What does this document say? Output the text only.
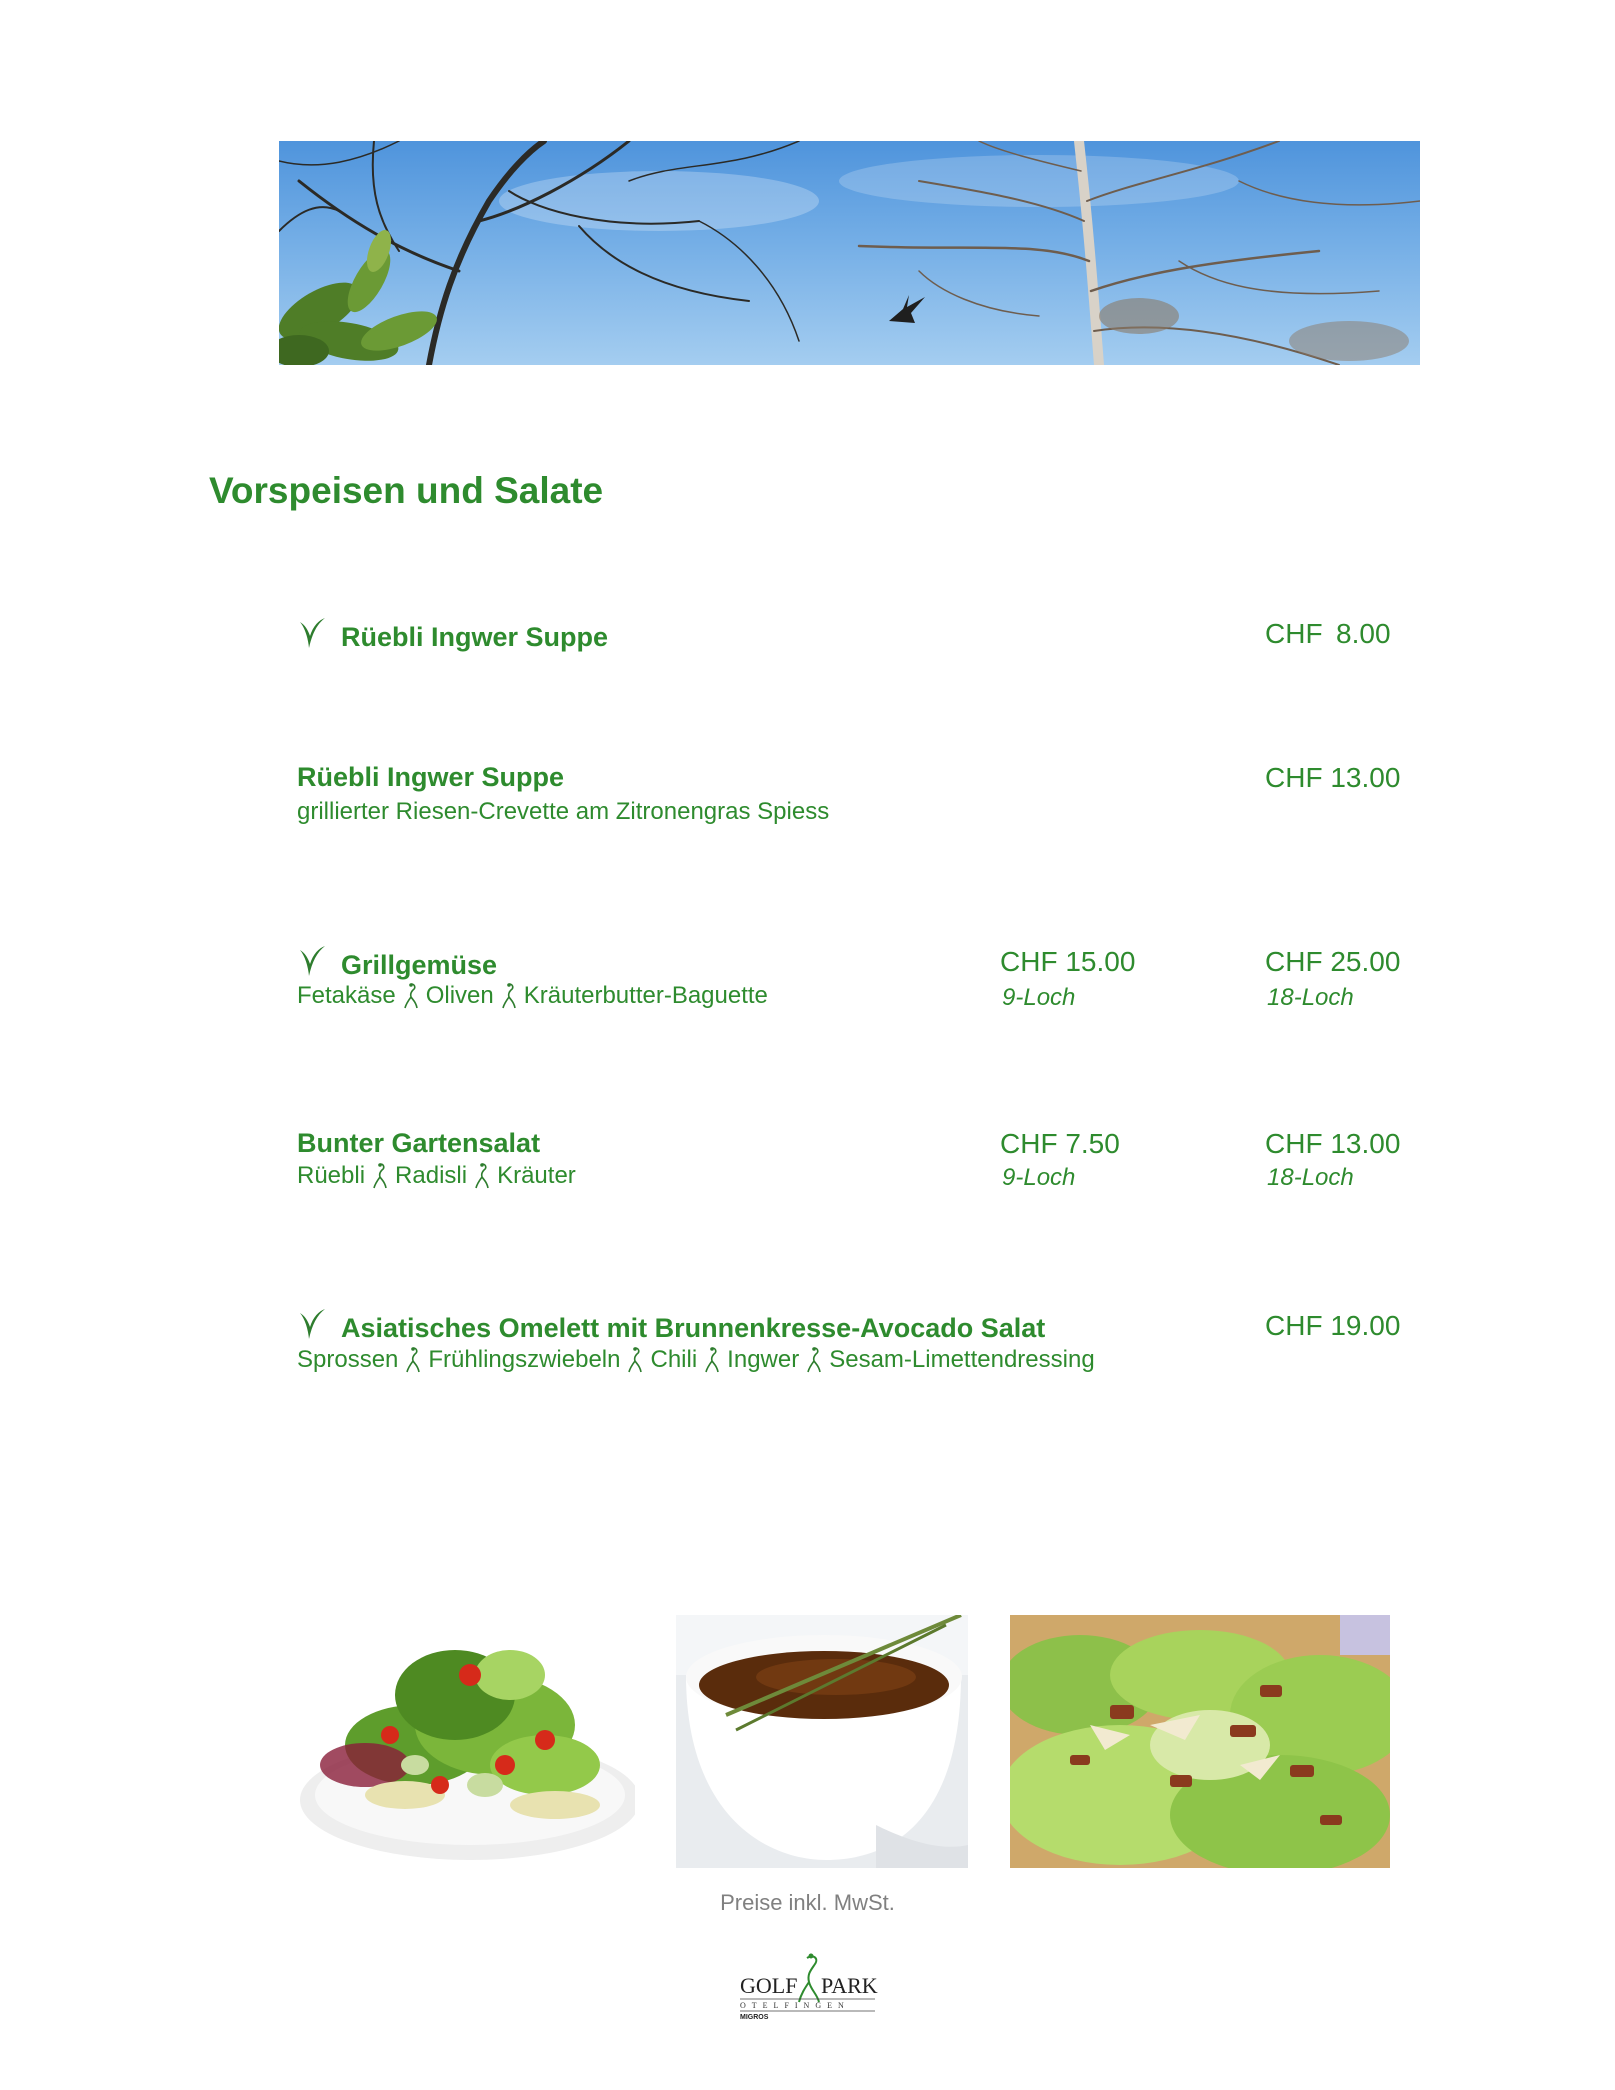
Vorspeisen und Salate
Rüebli Ingwer Suppe	CHF 8.00
Rüebli Ingwer Suppe
grillierter Riesen-Crevette am Zitronengras Spiess
CHF 13.00
Grillgemüse
Fetakäse Oliven Kräuterbutter-Baguette
CHF 15.00
9-Loch
CHF 25.00
18-Loch
Bunter Gartensalat
Rüebli Radisli Kräuter
CHF 7.50
9-Loch
CHF 13.00
18-Loch
Asiatisches Omelett mit Brunnenkresse-Avocado Salat
Sprossen Frühlingszwiebeln Chili Ingwer Sesam-Limettendressing
CHF 19.00
Preise inkl. MwSt.
GOLF PARK
OTELFINGEN
MIGROS
